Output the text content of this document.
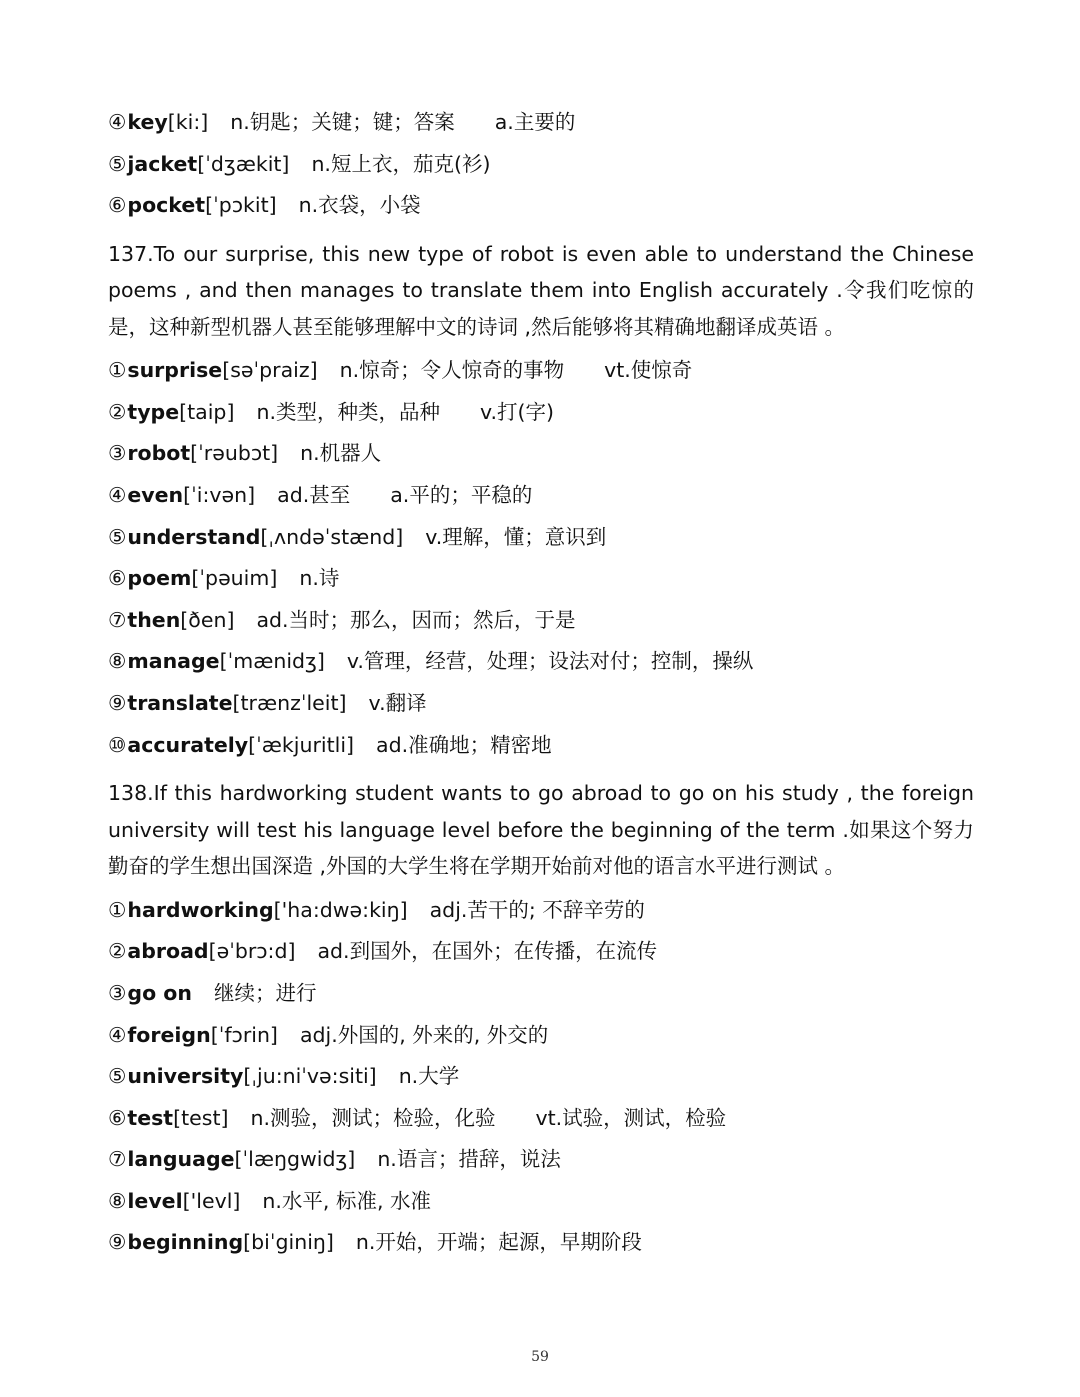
④key[ki:] n.钥匙；关键；键；答案 a.主要的
⑤jacket[ˈdʒækit] n.短上衣，茄克(衫)
⑥pocket[ˈpɔkit] n.衣袋，小袋
137.To our surprise, this new type of robot is even able to understand the Chinese poems , and then manages to translate them into English accurately .令我们吃惊的是，这种新型机器人甚至能够理解中文的诗词 ,然后能够将其精确地翻译成英语 。
①surprise[səˈpraiz] n.惊奇；令人惊奇的事物 vt.使惊奇
②type[taip] n.类型，种类，品种 v.打(字)
③robot[ˈrəubɔt] n.机器人
④even[ˈi:vən] ad.甚至 a.平的；平稳的
⑤understand[ˌʌndəˈstænd] v.理解，懂；意识到
⑥poem[ˈpəuim] n.诗
⑦then[ðen] ad.当时；那么，因而；然后，于是
⑧manage[ˈmænidʒ] v.管理，经营，处理；设法对付；控制，操纵
⑨translate[trænzˈleit] v.翻译
⑩accurately[ˈækjuritli] ad.准确地；精密地
138.If this hardworking student wants to go abroad to go on his study , the foreign university will test his language level before the beginning of the term .如果这个努力勤奋的学生想出国深造 ,外国的大学生将在学期开始前对他的语言水平进行测试 。
①hardworking['ha:dwə:kiŋ] adj.苦干的; 不辞辛劳的
②abroad[əˈbrɔ:d] ad.到国外，在国外；在传播，在流传
③go on 继续；进行
④foreign[ˈfɔrin] adj.外国的, 外来的, 外交的
⑤university[ˌju:niˈvə:siti] n.大学
⑥test[test] n.测验，测试；检验，化验 vt.试验，测试，检验
⑦language[ˈlæŋgwidʒ] n.语言；措辞，说法
⑧level['levl] n.水平, 标准, 水准
⑨beginning[biˈginiŋ] n.开始，开端；起源，早期阶段
59
